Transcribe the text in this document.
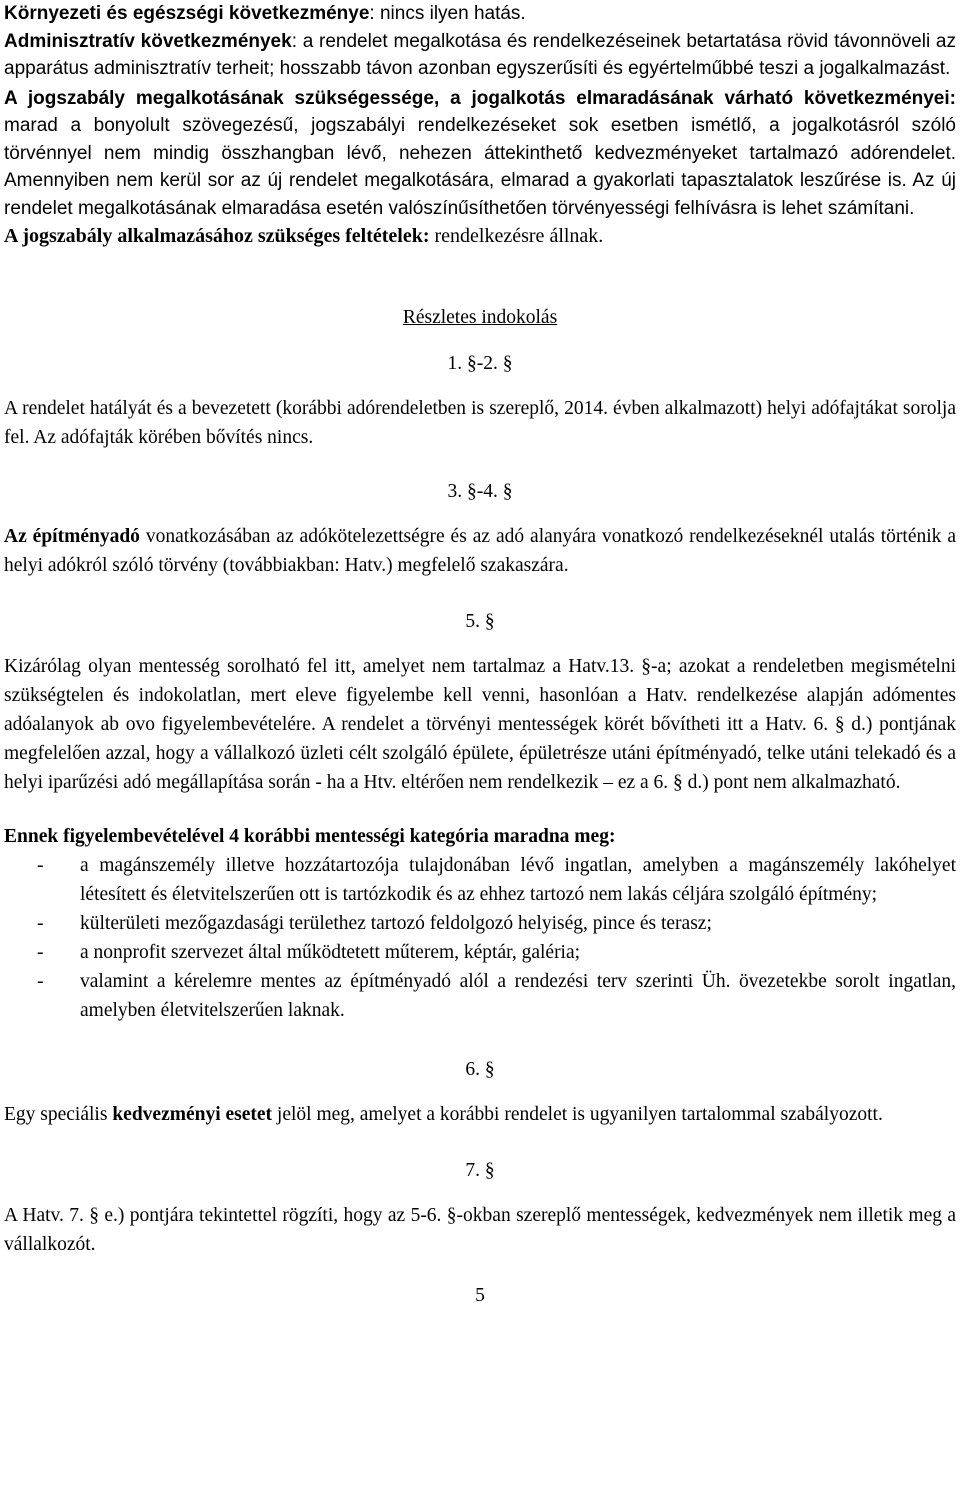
Környezeti és egészségi következménye: nincs ilyen hatás.

Adminisztratív következmények: a rendelet megalkotása és rendelkezéseinek betartatása rövid távonnöveli az apparátus adminisztratív terheit; hosszabb távon azonban egyszerűsíti és egyértelműbbé teszi a jogalkalmazást.

A jogszabály megalkotásának szükségessége, a jogalkotás elmaradásának várható következményei: marad a bonyolult szövegezésű, jogszabályi rendelkezéseket sok esetben ismétlő, a jogalkotásról szóló törvénnyel nem mindig összhangban lévő, nehezen áttekinthető kedvezményeket tartalmazó adórendelet. Amennyiben nem kerül sor az új rendelet megalkotására, elmarad a gyakorlati tapasztalatok leszűrése is. Az új rendelet megalkotásának elmaradása esetén valószínűsíthetően törvényességi felhívásra is lehet számítani.

A jogszabály alkalmazásához szükséges feltételek: rendelkezésre állnak.

Részletes indokolás

1. §-2. §

A rendelet hatályát és a bevezetett (korábbi adórendeletben is szereplő, 2014. évben alkalmazott) helyi adófajtákat sorolja fel. Az adófajták körében bővítés nincs.

3. §-4. §

Az építményadó vonatkozásában az adókötelezettségre és az adó alanyára vonatkozó rendelkezéseknél utalás történik a helyi adókról szóló törvény (továbbiakban: Hatv.) megfelelő szakaszára.

5. §

Kizárólag olyan mentesség sorolható fel itt, amelyet nem tartalmaz a Hatv.13. §-a; azokat a rendeletben megismételni szükségtelen és indokolatlan, mert eleve figyelembe kell venni, hasonlóan a Hatv. rendelkezése alapján adómentes adóalanyok ab ovo figyelembevételére. A rendelet a törvényi mentességek körét bővítheti itt a Hatv. 6. § d.) pontjának megfelelően azzal, hogy a vállalkozó üzleti célt szolgáló épülete, épületrésze utáni építményadó, telke utáni telekadó és a helyi iparűzési adó megállapítása során - ha a Htv. eltérően nem rendelkezik – ez a 6. § d.) pont nem alkalmazható.

Ennek figyelembevételével 4 korábbi mentességi kategória maradna meg:

- a magánszemély illetve hozzátartozója tulajdonában lévő ingatlan, amelyben a magánszemély lakóhelyet létesített és életvitelszerűen ott is tartózkodik és az ehhez tartozó nem lakás céljára szolgáló építmény;
- külterületi mezőgazdasági területhez tartozó feldolgozó helyiség, pince és terasz;
- a nonprofit szervezet által működtetett műterem, képtár, galéria;
- valamint a kérelemre mentes az építményadó alól a rendezési terv szerinti Üh. övezetekbe sorolt ingatlan, amelyben életvitelszerűen laknak.

6. §

Egy speciális kedvezményi esetet jelöl meg, amelyet a korábbi rendelet is ugyanilyen tartalommal szabályozott.

7. §

A Hatv. 7. § e.) pontjára tekintettel rögzíti, hogy az 5-6. §-okban szereplő mentességek, kedvezmények nem illetik meg a vállalkozót.

5
